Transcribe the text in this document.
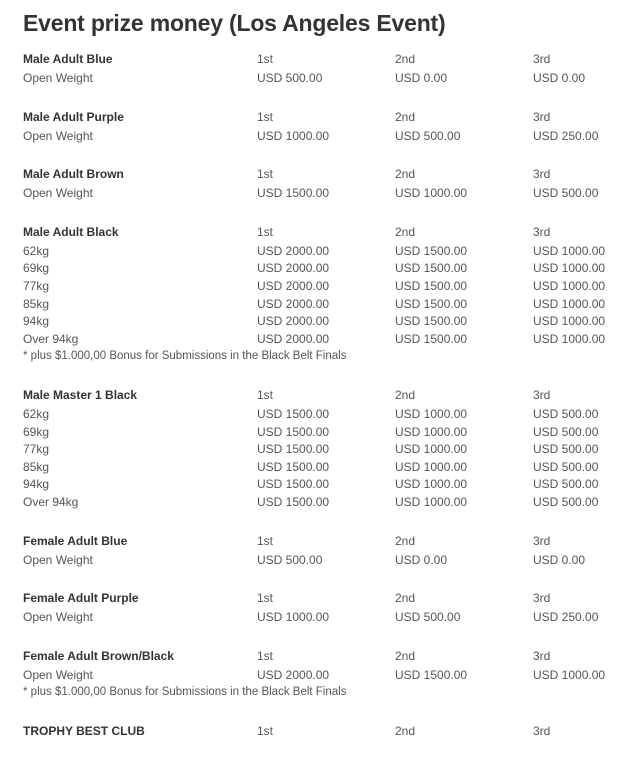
Event prize money (Los Angeles Event)
Male Adult Blue	1st	2nd	3rd
Open Weight	USD 500.00	USD 0.00	USD 0.00
Male Adult Purple	1st	2nd	3rd
Open Weight	USD 1000.00	USD 500.00	USD 250.00
Male Adult Brown	1st	2nd	3rd
Open Weight	USD 1500.00	USD 1000.00	USD 500.00
Male Adult Black	1st	2nd	3rd
62kg	USD 2000.00	USD 1500.00	USD 1000.00
69kg	USD 2000.00	USD 1500.00	USD 1000.00
77kg	USD 2000.00	USD 1500.00	USD 1000.00
85kg	USD 2000.00	USD 1500.00	USD 1000.00
94kg	USD 2000.00	USD 1500.00	USD 1000.00
Over 94kg	USD 2000.00	USD 1500.00	USD 1000.00
* plus $1.000,00 Bonus for Submissions in the Black Belt Finals
Male Master 1 Black	1st	2nd	3rd
62kg	USD 1500.00	USD 1000.00	USD 500.00
69kg	USD 1500.00	USD 1000.00	USD 500.00
77kg	USD 1500.00	USD 1000.00	USD 500.00
85kg	USD 1500.00	USD 1000.00	USD 500.00
94kg	USD 1500.00	USD 1000.00	USD 500.00
Over 94kg	USD 1500.00	USD 1000.00	USD 500.00
Female Adult Blue	1st	2nd	3rd
Open Weight	USD 500.00	USD 0.00	USD 0.00
Female Adult Purple	1st	2nd	3rd
Open Weight	USD 1000.00	USD 500.00	USD 250.00
Female Adult Brown/Black	1st	2nd	3rd
Open Weight	USD 2000.00	USD 1500.00	USD 1000.00
* plus $1.000,00 Bonus for Submissions in the Black Belt Finals
TROPHY BEST CLUB	1st	2nd	3rd
